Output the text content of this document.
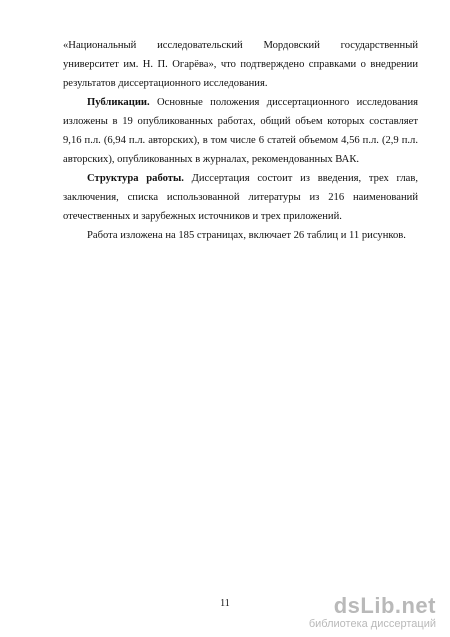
«Национальный исследовательский Мордовский государственный университет им. Н. П. Огарёва», что подтверждено справками о внедрении результатов диссертационного исследования.

Публикации. Основные положения диссертационного исследования изложены в 19 опубликованных работах, общий объем которых составляет 9,16 п.л. (6,94 п.л. авторских), в том числе 6 статей объемом 4,56 п.л. (2,9 п.л. авторских), опубликованных в журналах, рекомендованных ВАК.

Структура работы. Диссертация состоит из введения, трех глав, заключения, списка использованной литературы из 216 наименований отечественных и зарубежных источников и трех приложений.

Работа изложена на 185 страницах, включает 26 таблиц и 11 рисунков.

11	dsLib.net
библиотека диссертаций
